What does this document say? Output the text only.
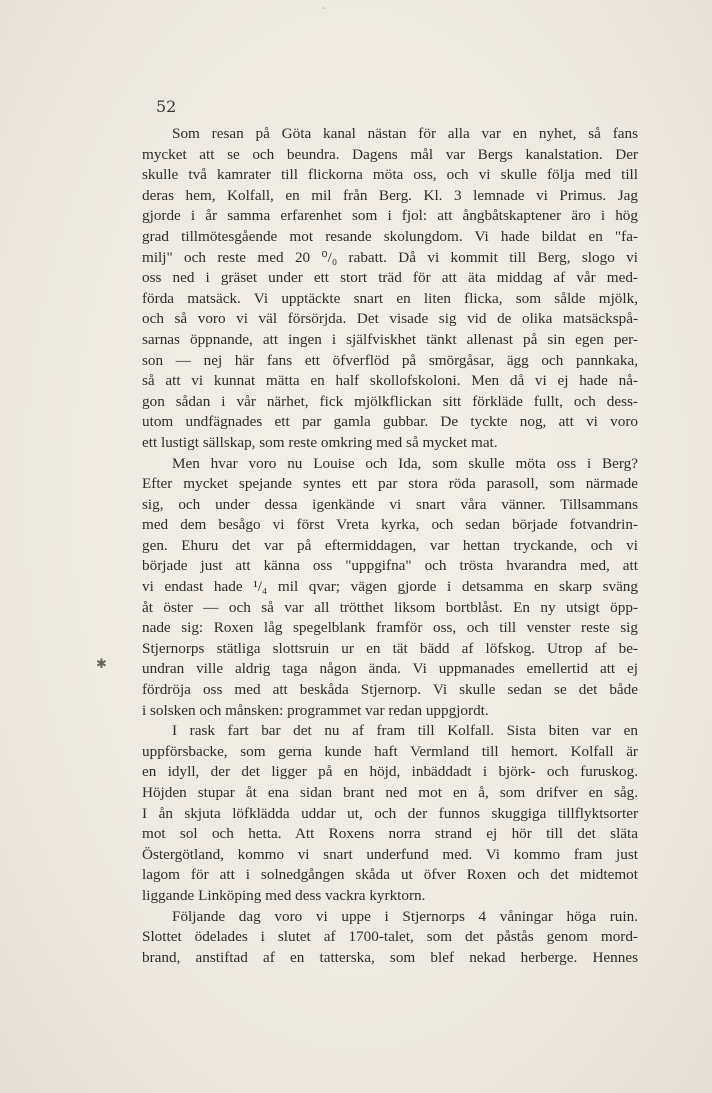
˴
52
✱
Som resan på Göta kanal nästan för alla var en nyhet, så fans
mycket att se och beundra. Dagens mål var Bergs kanalstation. Der
skulle två kamrater till flickorna möta oss, och vi skulle följa med till
deras hem, Kolfall, en mil från Berg. Kl. 3 lemnade vi Primus. Jag
gjorde i år samma erfarenhet som i fjol: att ångbåtskaptener äro i hög
grad tillmötesgående mot resande skolungdom. Vi hade bildat en "fa-
milj" och reste med 20 ⁰/₀ rabatt. Då vi kommit till Berg, slogo vi
oss ned i gräset under ett stort träd för att äta middag af vår med-
förda matsäck. Vi upptäckte snart en liten flicka, som sålde mjölk,
och så voro vi väl försörjda. Det visade sig vid de olika matsäckspå-
sarnas öppnande, att ingen i själfviskhet tänkt allenast på sin egen per-
son — nej här fans ett öfverflöd på smörgåsar, ägg och pannkaka,
så att vi kunnat mätta en half skollofskoloni. Men då vi ej hade nå-
gon sådan i vår närhet, fick mjölkflickan sitt förkläde fullt, och dess-
utom undfägnades ett par gamla gubbar. De tyckte nog, att vi voro
ett lustigt sällskap, som reste omkring med så mycket mat.
Men hvar voro nu Louise och Ida, som skulle möta oss i Berg?
Efter mycket spejande syntes ett par stora röda parasoll, som närmade
sig, och under dessa igenkände vi snart våra vänner. Tillsammans
med dem besågo vi först Vreta kyrka, och sedan började fotvandrin-
gen. Ehuru det var på eftermiddagen, var hettan tryckande, och vi
började just att känna oss "uppgifna" och trösta hvarandra med, att
vi endast hade ¹/₄ mil qvar; vägen gjorde i detsamma en skarp sväng
åt öster — och så var all trötthet liksom bortblåst. En ny utsigt öpp-
nade sig: Roxen låg spegelblank framför oss, och till venster reste sig
Stjernorps stätliga slottsruin ur en tät bädd af löfskog. Utrop af be-
undran ville aldrig taga någon ända. Vi uppmanades emellertid att ej
fördröja oss med att beskåda Stjernorp. Vi skulle sedan se det både
i solsken och månsken: programmet var redan uppgjordt.
I rask fart bar det nu af fram till Kolfall. Sista biten var en
uppförsbacke, som gerna kunde haft Vermland till hemort. Kolfall är
en idyll, der det ligger på en höjd, inbäddadt i björk- och furuskog.
Höjden stupar åt ena sidan brant ned mot en å, som drifver en såg.
I ån skjuta löfklädda uddar ut, och der funnos skuggiga tillflyktsorter
mot sol och hetta. Att Roxens norra strand ej hör till det släta
Östergötland, kommo vi snart underfund med. Vi kommo fram just
lagom för att i solnedgången skåda ut öfver Roxen och det midtemot
liggande Linköping med dess vackra kyrktorn.
Följande dag voro vi uppe i Stjernorps 4 våningar höga ruin.
Slottet ödelades i slutet af 1700-talet, som det påstås genom mord-
brand, anstiftad af en tatterska, som blef nekad herberge. Hennes
